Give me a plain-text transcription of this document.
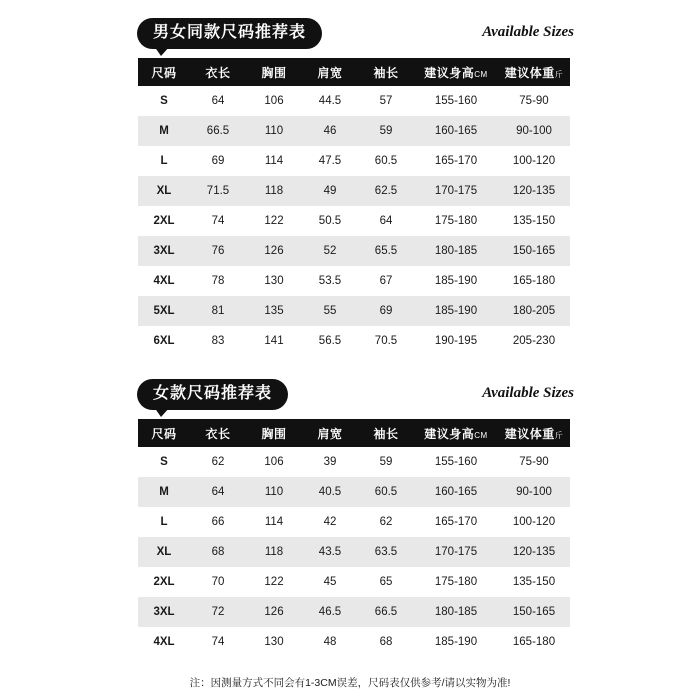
男女同款尺码推荐表	Available Sizes
尺码	衣长	胸围	肩宽	袖长	建议身高CM	建议体重斤
S	64	106	44.5	57	155-160	75-90
M	66.5	110	46	59	160-165	90-100
L	69	114	47.5	60.5	165-170	100-120
XL	71.5	118	49	62.5	170-175	120-135
2XL	74	122	50.5	64	175-180	135-150
3XL	76	126	52	65.5	180-185	150-165
4XL	78	130	53.5	67	185-190	165-180
5XL	81	135	55	69	185-190	180-205
6XL	83	141	56.5	70.5	190-195	205-230
女款尺码推荐表	Available Sizes
尺码	衣长	胸围	肩宽	袖长	建议身高CM	建议体重斤
S	62	106	39	59	155-160	75-90
M	64	110	40.5	60.5	160-165	90-100
L	66	114	42	62	165-170	100-120
XL	68	118	43.5	63.5	170-175	120-135
2XL	70	122	45	65	175-180	135-150
3XL	72	126	46.5	66.5	180-185	150-165
4XL	74	130	48	68	185-190	165-180
注：因测量方式不同会有1-3CM误差，尺码表仅供参考/请以实物为准!
